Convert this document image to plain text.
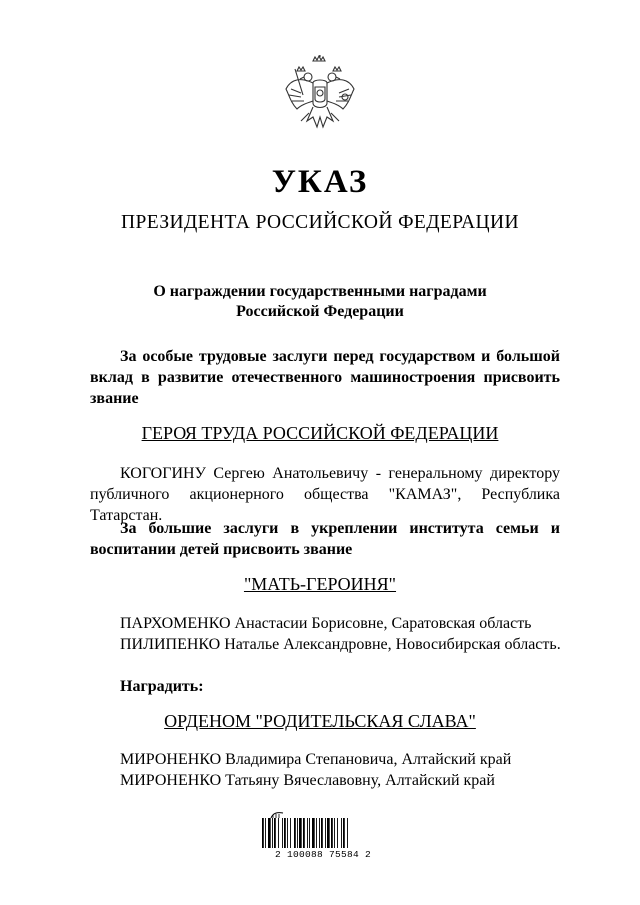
УКАЗ
ПРЕЗИДЕНТА РОССИЙСКОЙ ФЕДЕРАЦИИ
О награждении государственными наградами
Российской Федерации
За особые трудовые заслуги перед государством и большой вклад в развитие отечественного машиностроения присвоить звание
ГЕРОЯ ТРУДА РОССИЙСКОЙ ФЕДЕРАЦИИ
КОГОГИНУ Сергею Анатольевичу - генеральному директору публичного акционерного общества "КАМАЗ", Республика Татарстан.
За большие заслуги в укреплении института семьи и воспитании детей присвоить звание
"МАТЬ-ГЕРОИНЯ"
ПАРХОМЕНКО Анастасии Борисовне, Саратовская область
ПИЛИПЕНКО Наталье Александровне, Новосибирская область.
Наградить:
ОРДЕНОМ "РОДИТЕЛЬСКАЯ СЛАВА"
МИРОНЕНКО Владимира Степановича, Алтайский край
МИРОНЕНКО Татьяну Вячеславовну, Алтайский край
2 100088 75584 2
